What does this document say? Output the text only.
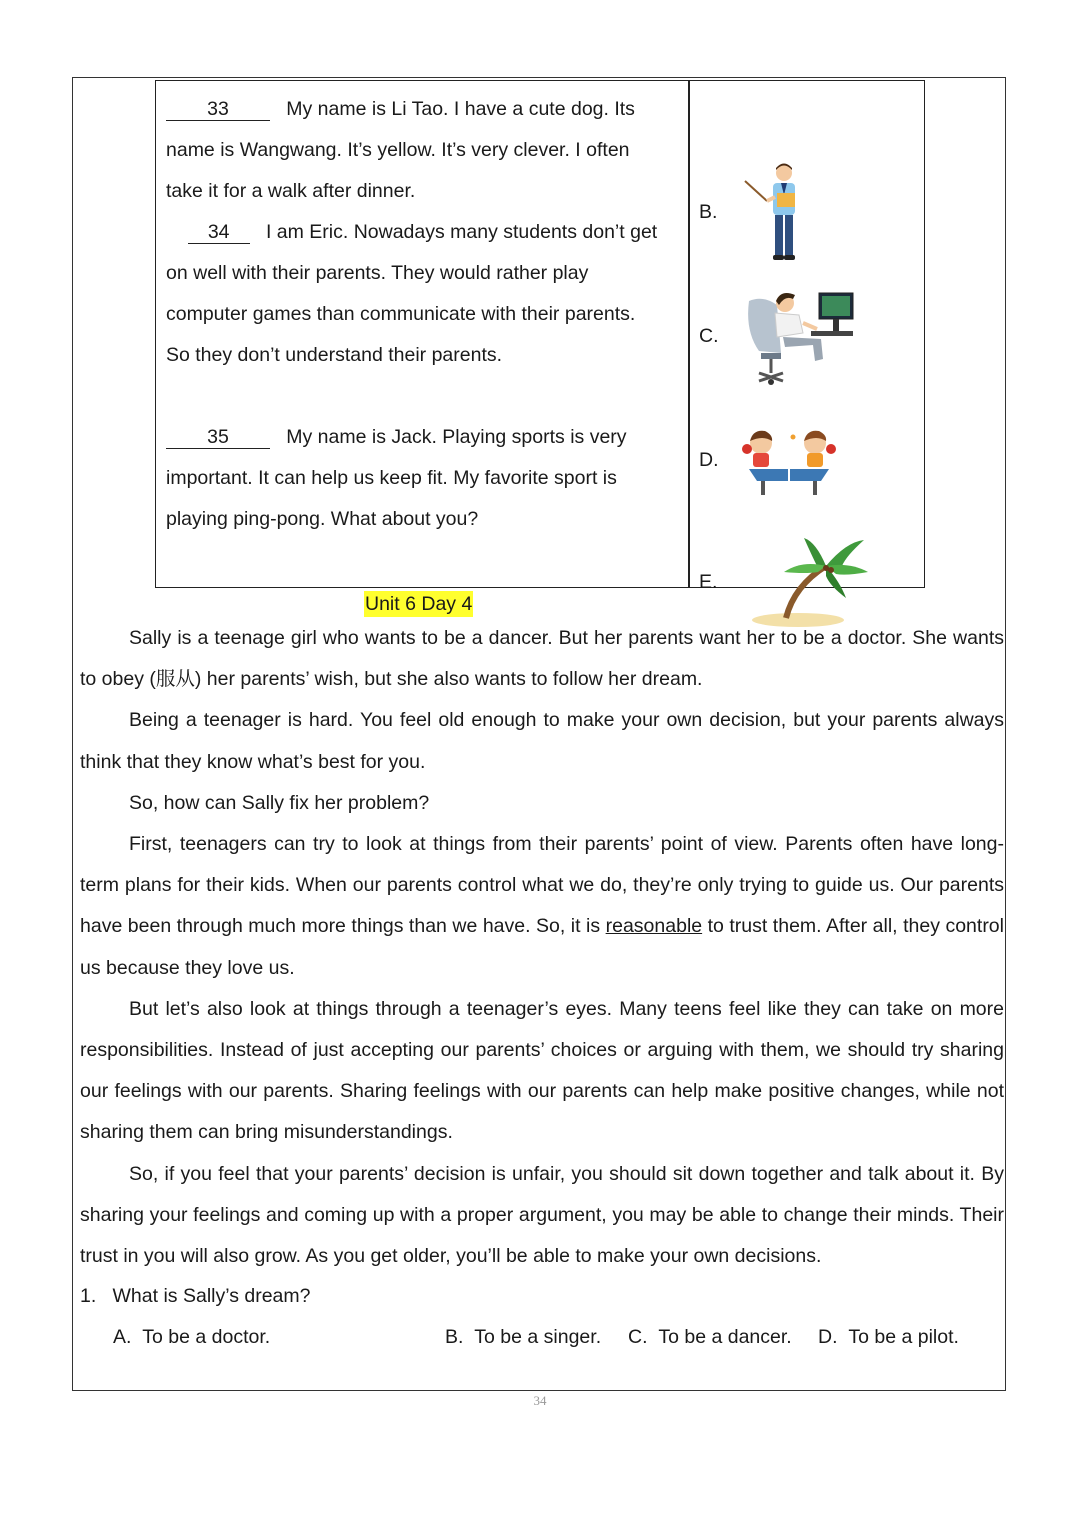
33	My name is Li Tao. I have a cute dog. Its

name is Wangwang. It’s yellow. It’s very clever. I often

take it for a walk after dinner.

34 I am Eric. Nowadays many students don’t get

on well with their parents. They would rather play

computer games than communicate with their parents.

So they don’t understand their parents.

35	My name is Jack. Playing sports is very

important. It can help us keep fit. My favorite sport is

playing ping-pong. What about you?

B.
C.
D.
E.
Unit 6 Day 4

Sally is a teenage girl who wants to be a dancer. But her parents want her to be a doctor. She wants to obey (服从) her parents’ wish, but she also wants to follow her dream.

Being a teenager is hard. You feel old enough to make your own decision, but your parents always think that they know what’s best for you.

So, how can Sally fix her problem?

First, teenagers can try to look at things from their parents’ point of view. Parents often have long-term plans for their kids. When our parents control what we do, they’re only trying to guide us. Our parents have been through much more things than we have. So, it is reasonable to trust them. After all, they control us because they love us.

But let’s also look at things through a teenager’s eyes. Many teens feel like they can take on more responsibilities. Instead of just accepting our parents’ choices or arguing with them, we should try sharing our feelings with our parents. Sharing feelings with our parents can help make positive changes, while not sharing them can bring misunderstandings.

So, if you feel that your parents’ decision is unfair, you should sit down together and talk about it. By sharing your feelings and coming up with a proper argument, you may be able to change their minds. Their trust in you will also grow. As you get older, you’ll be able to make your own decisions.

1. What is Sally’s dream?
A. To be a doctor.	B. To be a singer. C. To be a dancer. D. To be a pilot.
34
